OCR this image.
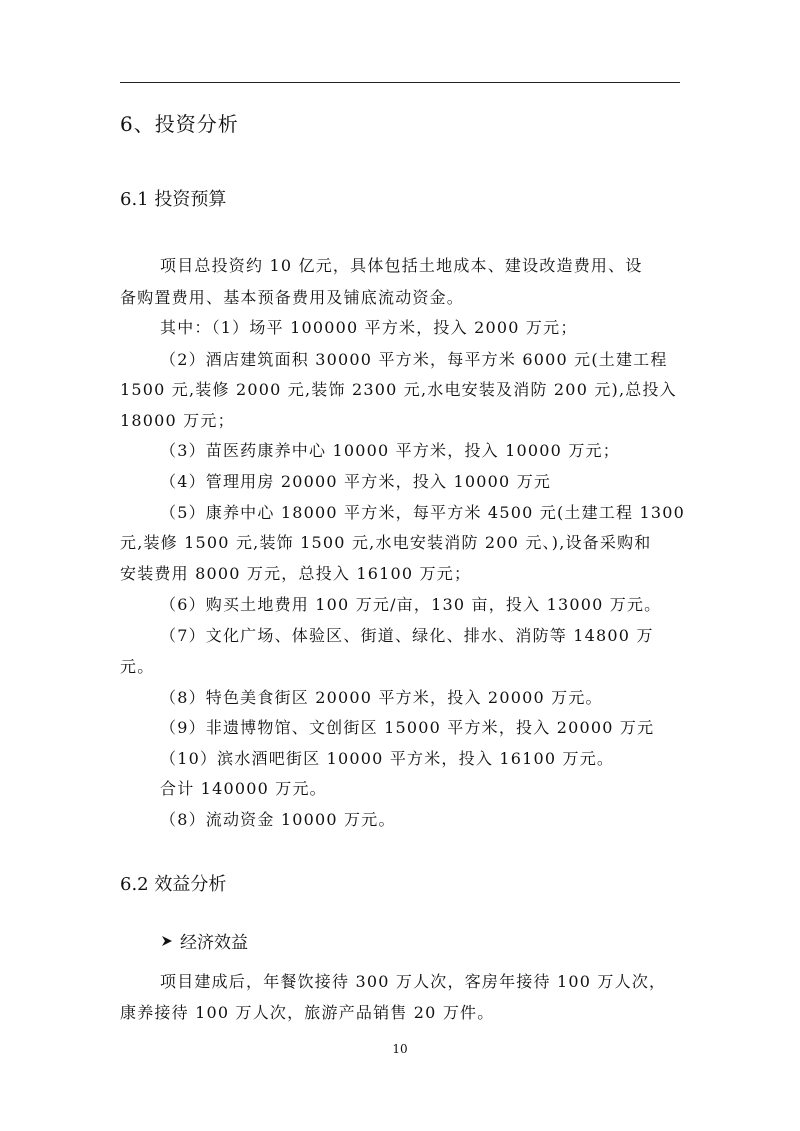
6、投资分析
6.1 投资预算
项目总投资约 10 亿元，具体包括土地成本、建设改造费用、设
备购置费用、基本预备费用及铺底流动资金。
其中：（1）场平 100000 平方米，投入 2000 万元；
（2）酒店建筑面积 30000 平方米，每平方米 6000 元(土建工程
1500 元,装修 2000 元,装饰 2300 元,水电安装及消防 200 元),总投入
18000 万元；
（3）苗医药康养中心 10000 平方米，投入 10000 万元；
（4）管理用房 20000 平方米，投入 10000 万元
（5）康养中心 18000 平方米，每平方米 4500 元(土建工程 1300
元,装修 1500 元,装饰 1500 元,水电安装消防 200 元、),设备采购和
安装费用 8000 万元，总投入 16100 万元；
（6）购买土地费用 100 万元/亩，130 亩，投入 13000 万元。
（7）文化广场、体验区、街道、绿化、排水、消防等 14800 万
元。
（8）特色美食街区 20000 平方米，投入 20000 万元。
（9）非遗博物馆、文创街区 15000 平方米，投入 20000 万元
（10）滨水酒吧街区 10000 平方米，投入 16100 万元。
合计 140000 万元。
（8）流动资金 10000 万元。
6.2 效益分析
经济效益
项目建成后，年餐饮接待 300 万人次，客房年接待 100 万人次，
康养接待 100 万人次，旅游产品销售 20 万件。
10
